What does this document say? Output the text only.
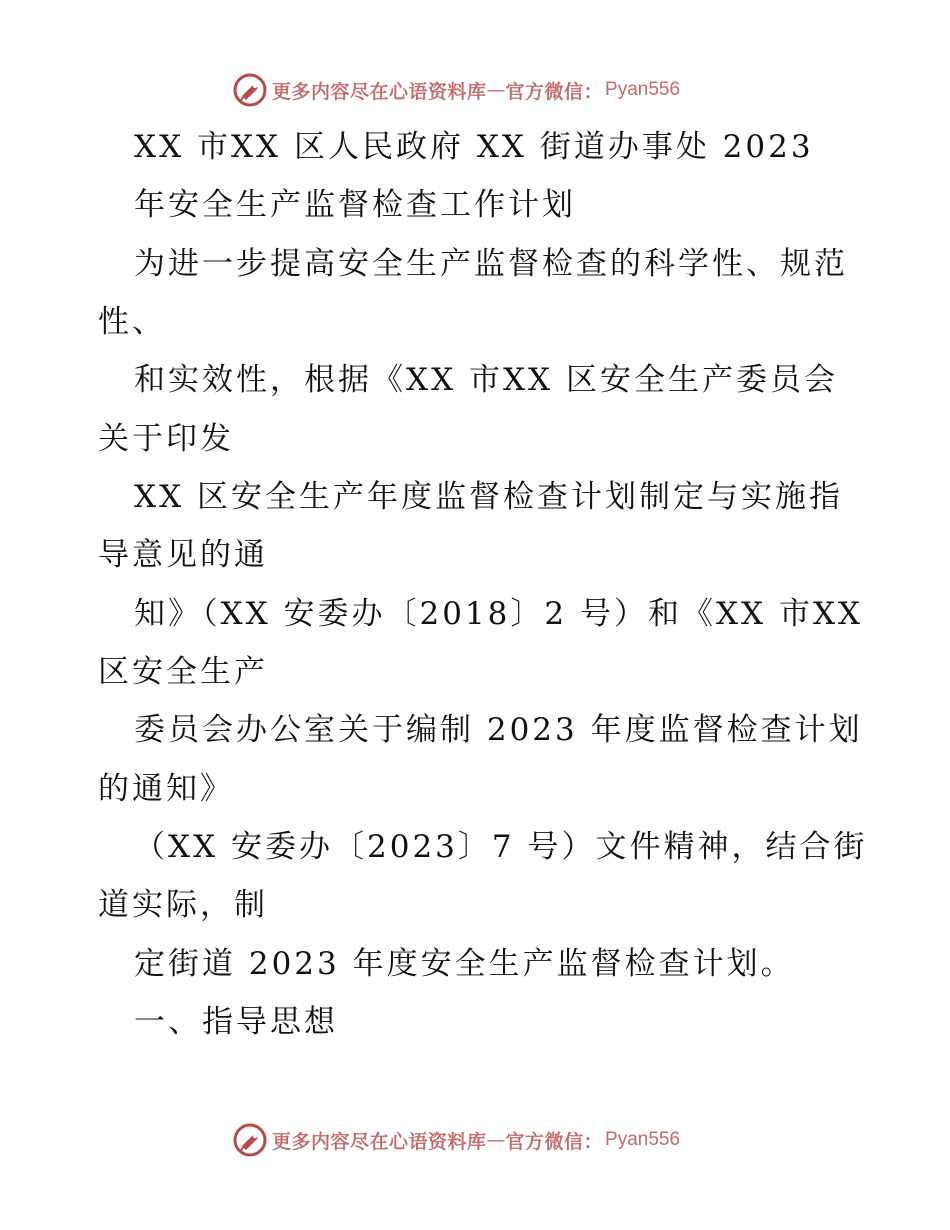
更多内容尽在心语资料库 — 官方微信： Pyan556
XX 市XX 区人民政府 XX 街道办事处 2023
年安全生产监督检查工作计划
为进一步提高安全生产监督检查的科学性、规范
性、
和实效性，根据《XX 市XX 区安全生产委员会
关于印发
XX 区安全生产年度监督检查计划制定与实施指
导意见的通
知》（XX 安委办〔2018〕2 号）和《XX 市XX
区安全生产
委员会办公室关于编制 2023 年度监督检查计划
的通知》
（XX 安委办〔2023〕7 号）文件精神，结合街
道实际，制
定街道 2023 年度安全生产监督检查计划。
一、指导思想
更多内容尽在心语资料库 — 官方微信： Pyan556
